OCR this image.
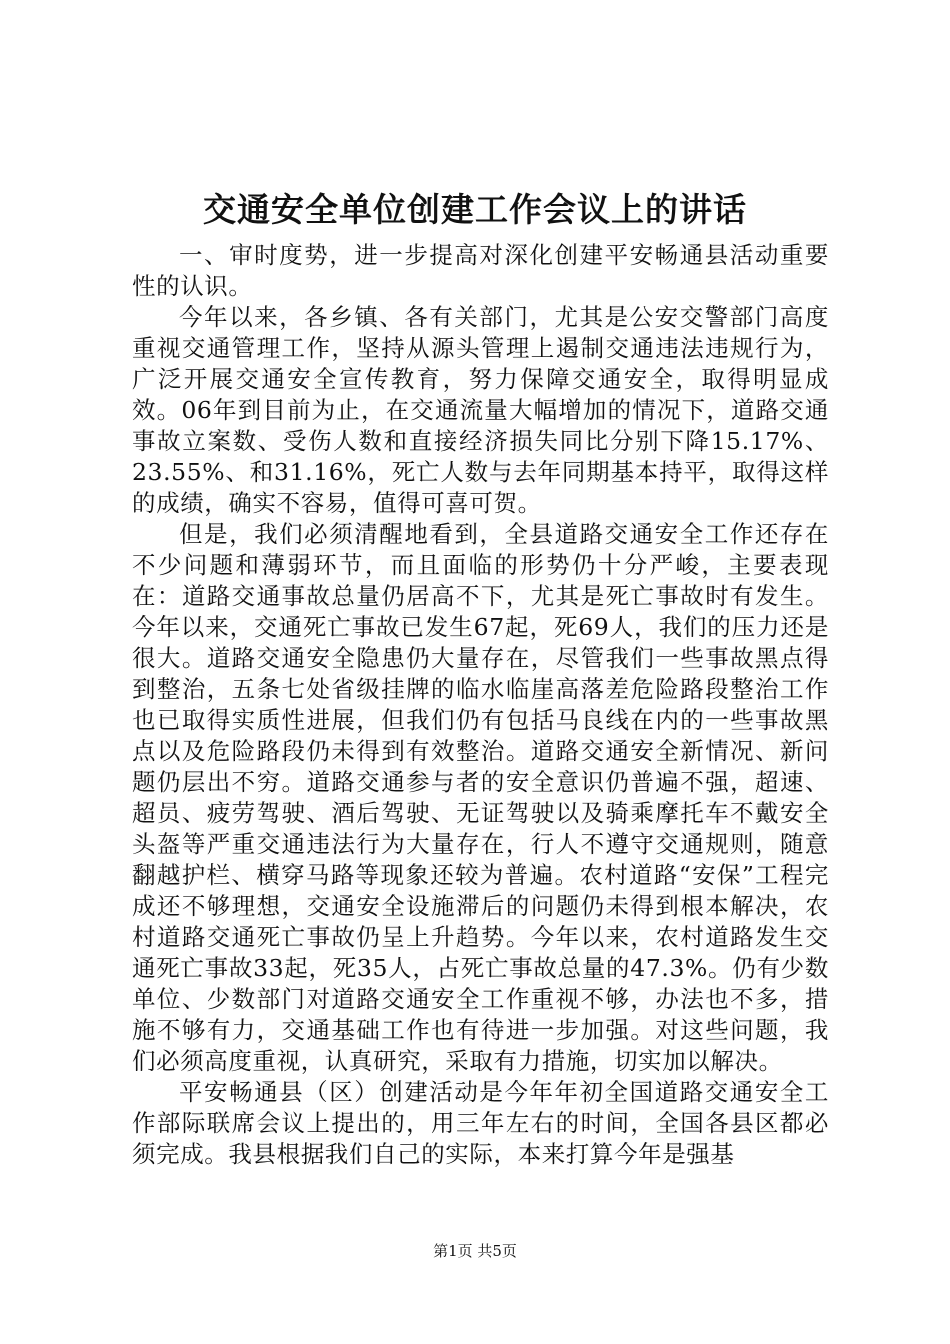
交通安全单位创建工作会议上的讲话

一、审时度势，进一步提高对深化创建平安畅通县活动重要性的认识。

今年以来，各乡镇、各有关部门，尤其是公安交警部门高度重视交通管理工作，坚持从源头管理上遏制交通违法违规行为，广泛开展交通安全宣传教育，努力保障交通安全，取得明显成效。06年到目前为止，在交通流量大幅增加的情况下，道路交通事故立案数、受伤人数和直接经济损失同比分别下降15.17%、23.55%、和31.16%，死亡人数与去年同期基本持平，取得这样的成绩，确实不容易，值得可喜可贺。

但是，我们必须清醒地看到，全县道路交通安全工作还存在不少问题和薄弱环节，而且面临的形势仍十分严峻，主要表现在：道路交通事故总量仍居高不下，尤其是死亡事故时有发生。今年以来，交通死亡事故已发生67起，死69人，我们的压力还是很大。道路交通安全隐患仍大量存在，尽管我们一些事故黑点得到整治，五条七处省级挂牌的临水临崖高落差危险路段整治工作也已取得实质性进展，但我们仍有包括马良线在内的一些事故黑点以及危险路段仍未得到有效整治。道路交通安全新情况、新问题仍层出不穷。道路交通参与者的安全意识仍普遍不强，超速、超员、疲劳驾驶、酒后驾驶、无证驾驶以及骑乘摩托车不戴安全头盔等严重交通违法行为大量存在，行人不遵守交通规则，随意翻越护栏、横穿马路等现象还较为普遍。农村道路“安保”工程完成还不够理想，交通安全设施滞后的问题仍未得到根本解决，农村道路交通死亡事故仍呈上升趋势。今年以来，农村道路发生交通死亡事故33起，死35人，占死亡事故总量的47.3%。仍有少数单位、少数部门对道路交通安全工作重视不够，办法也不多，措施不够有力，交通基础工作也有待进一步加强。对这些问题，我们必须高度重视，认真研究，采取有力措施，切实加以解决。

平安畅通县（区）创建活动是今年年初全国道路交通安全工作部际联席会议上提出的，用三年左右的时间，全国各县区都必须完成。我县根据我们自己的实际，本来打算今年是强基

第1页 共5页
